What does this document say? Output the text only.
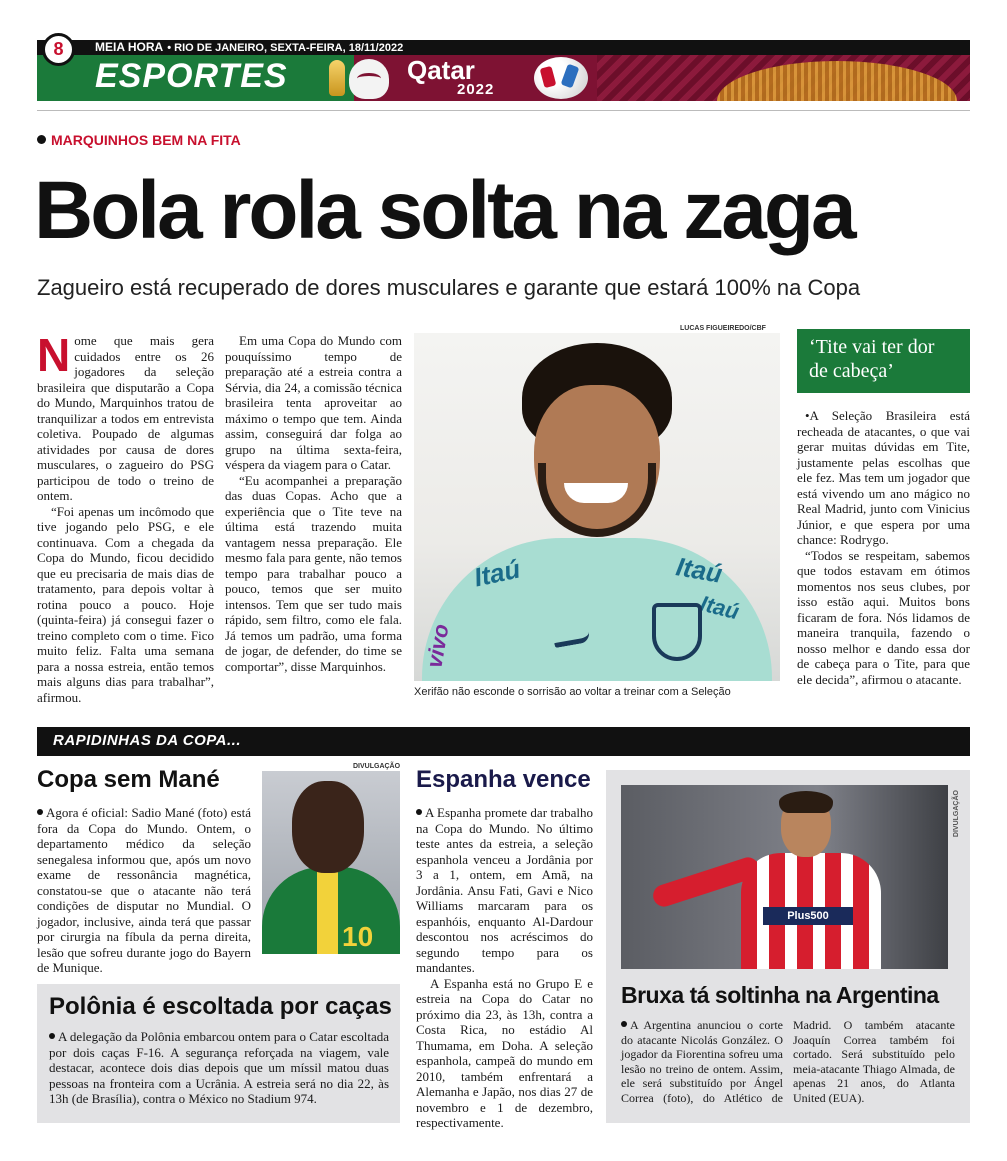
8	MEIA HORA • RIO DE JANEIRO, SEXTA-FEIRA, 18/11/2022
ESPORTES	Qatar
2022
MARQUINHOS BEM NA FITA
Bola rola solta na zaga
Zagueiro está recuperado de dores musculares e garante que estará 100% na Copa

Nome que mais gera cuidados entre os 26 jogadores da seleção brasileira que disputarão a Copa do Mundo, Marquinhos tratou de tranquilizar a todos em entrevista coletiva. Poupado de algumas atividades por causa de dores musculares, o zagueiro do PSG participou de todo o treino de ontem.

“Foi apenas um incômodo que tive jogando pelo PSG, e ele continuava. Com a chegada da Copa do Mundo, ficou decidido que eu precisaria de mais dias de tratamento, para depois voltar à rotina pouco a pouco. Hoje (quinta-feira) já consegui fazer o treino completo com o time. Fico muito feliz. Falta uma semana para a nossa estreia, então temos mais alguns dias para trabalhar”, afirmou.

Em uma Copa do Mundo com pouquíssimo tempo de preparação até a estreia contra a Sérvia, dia 24, a comissão técnica brasileira tenta aproveitar ao máximo o tempo que tem. Ainda assim, conseguirá dar folga ao grupo na última sexta-feira, véspera da viagem para o Catar.

“Eu acompanhei a preparação das duas Copas. Acho que a experiência que o Tite teve na última está trazendo muita vantagem nessa preparação. Ele mesmo fala para gente, não temos tempo para trabalhar pouco a pouco, temos que ser muito intensos. Tem que ser tudo mais rápido, sem filtro, como ele fala. Já temos um padrão, uma forma de jogar, de defender, do time se comportar”, disse Marquinhos.

LUCAS FIGUEIREDO/CBF
Itaú	Itaú
Itaú
vivo
Xerifão não esconde o sorrisão ao voltar a treinar com a Seleção
‘Tite vai ter dor de cabeça’

•A Seleção Brasileira está recheada de atacantes, o que vai gerar muitas dúvidas em Tite, justamente pelas escolhas que ele fez. Mas tem um jogador que está vivendo um ano mágico no Real Madrid, junto com Vinicius Júnior, e que espera por uma chance: Rodrygo.

“Todos se respeitam, sabemos que todos estavam em ótimos momentos nos seus clubes, por isso estão aqui. Muitos bons ficaram de fora. Nós lidamos de maneira tranquila, fazendo o nosso melhor e dando essa dor de cabeça para o Tite, para que ele decida”, afirmou o atacante.

RAPIDINHAS DA COPA...
Copa sem Mané
Agora é oficial: Sadio Mané (foto) está fora da Copa do Mundo. Ontem, o departamento médico da seleção senegalesa informou que, após um novo exame de ressonância magnética, constatou-se que o atacante não terá condições de disputar no Mundial. O jogador, inclusive, ainda terá que passar por cirurgia na fíbula da perna direita, lesão que sofreu durante jogo do Bayern de Munique.
DIVULGAÇÃO
10
Polônia é escoltada por caças
A delegação da Polônia embarcou ontem para o Catar escoltada por dois caças F-16. A segurança reforçada na viagem, vale destacar, acontece dois dias depois que um míssil matou duas pessoas na fronteira com a Ucrânia. A estreia será no dia 22, às 13h (de Brasília), contra o México no Stadium 974.
Espanha vence

A Espanha promete dar trabalho na Copa do Mundo. No último teste antes da estreia, a seleção espanhola venceu a Jordânia por 3 a 1, ontem, em Amã, na Jordânia. Ansu Fati, Gavi e Nico Williams marcaram para os espanhóis, enquanto Al-Dardour descontou nos acréscimos do segundo tempo para os mandantes.

A Espanha está no Grupo E e estreia na Copa do Catar no próximo dia 23, às 13h, contra a Costa Rica, no estádio Al Thumama, em Doha. A seleção espanhola, campeã do mundo em 2010, também enfrentará a Alemanha e Japão, nos dias 27 de novembro e 1 de dezembro, respectivamente.

Plus500
DIVULGAÇÃO
Bruxa tá soltinha na Argentina
A Argentina anunciou o corte do atacante Nicolás González. O jogador da Fiorentina sofreu uma lesão no treino de ontem. Assim, ele será substituído por Ángel Correa (foto), do Atlético de Madrid. O também atacante Joaquín Correa também foi cortado. Será substituído pelo meia-atacante Thiago Almada, de apenas 21 anos, do Atlanta United (EUA).
